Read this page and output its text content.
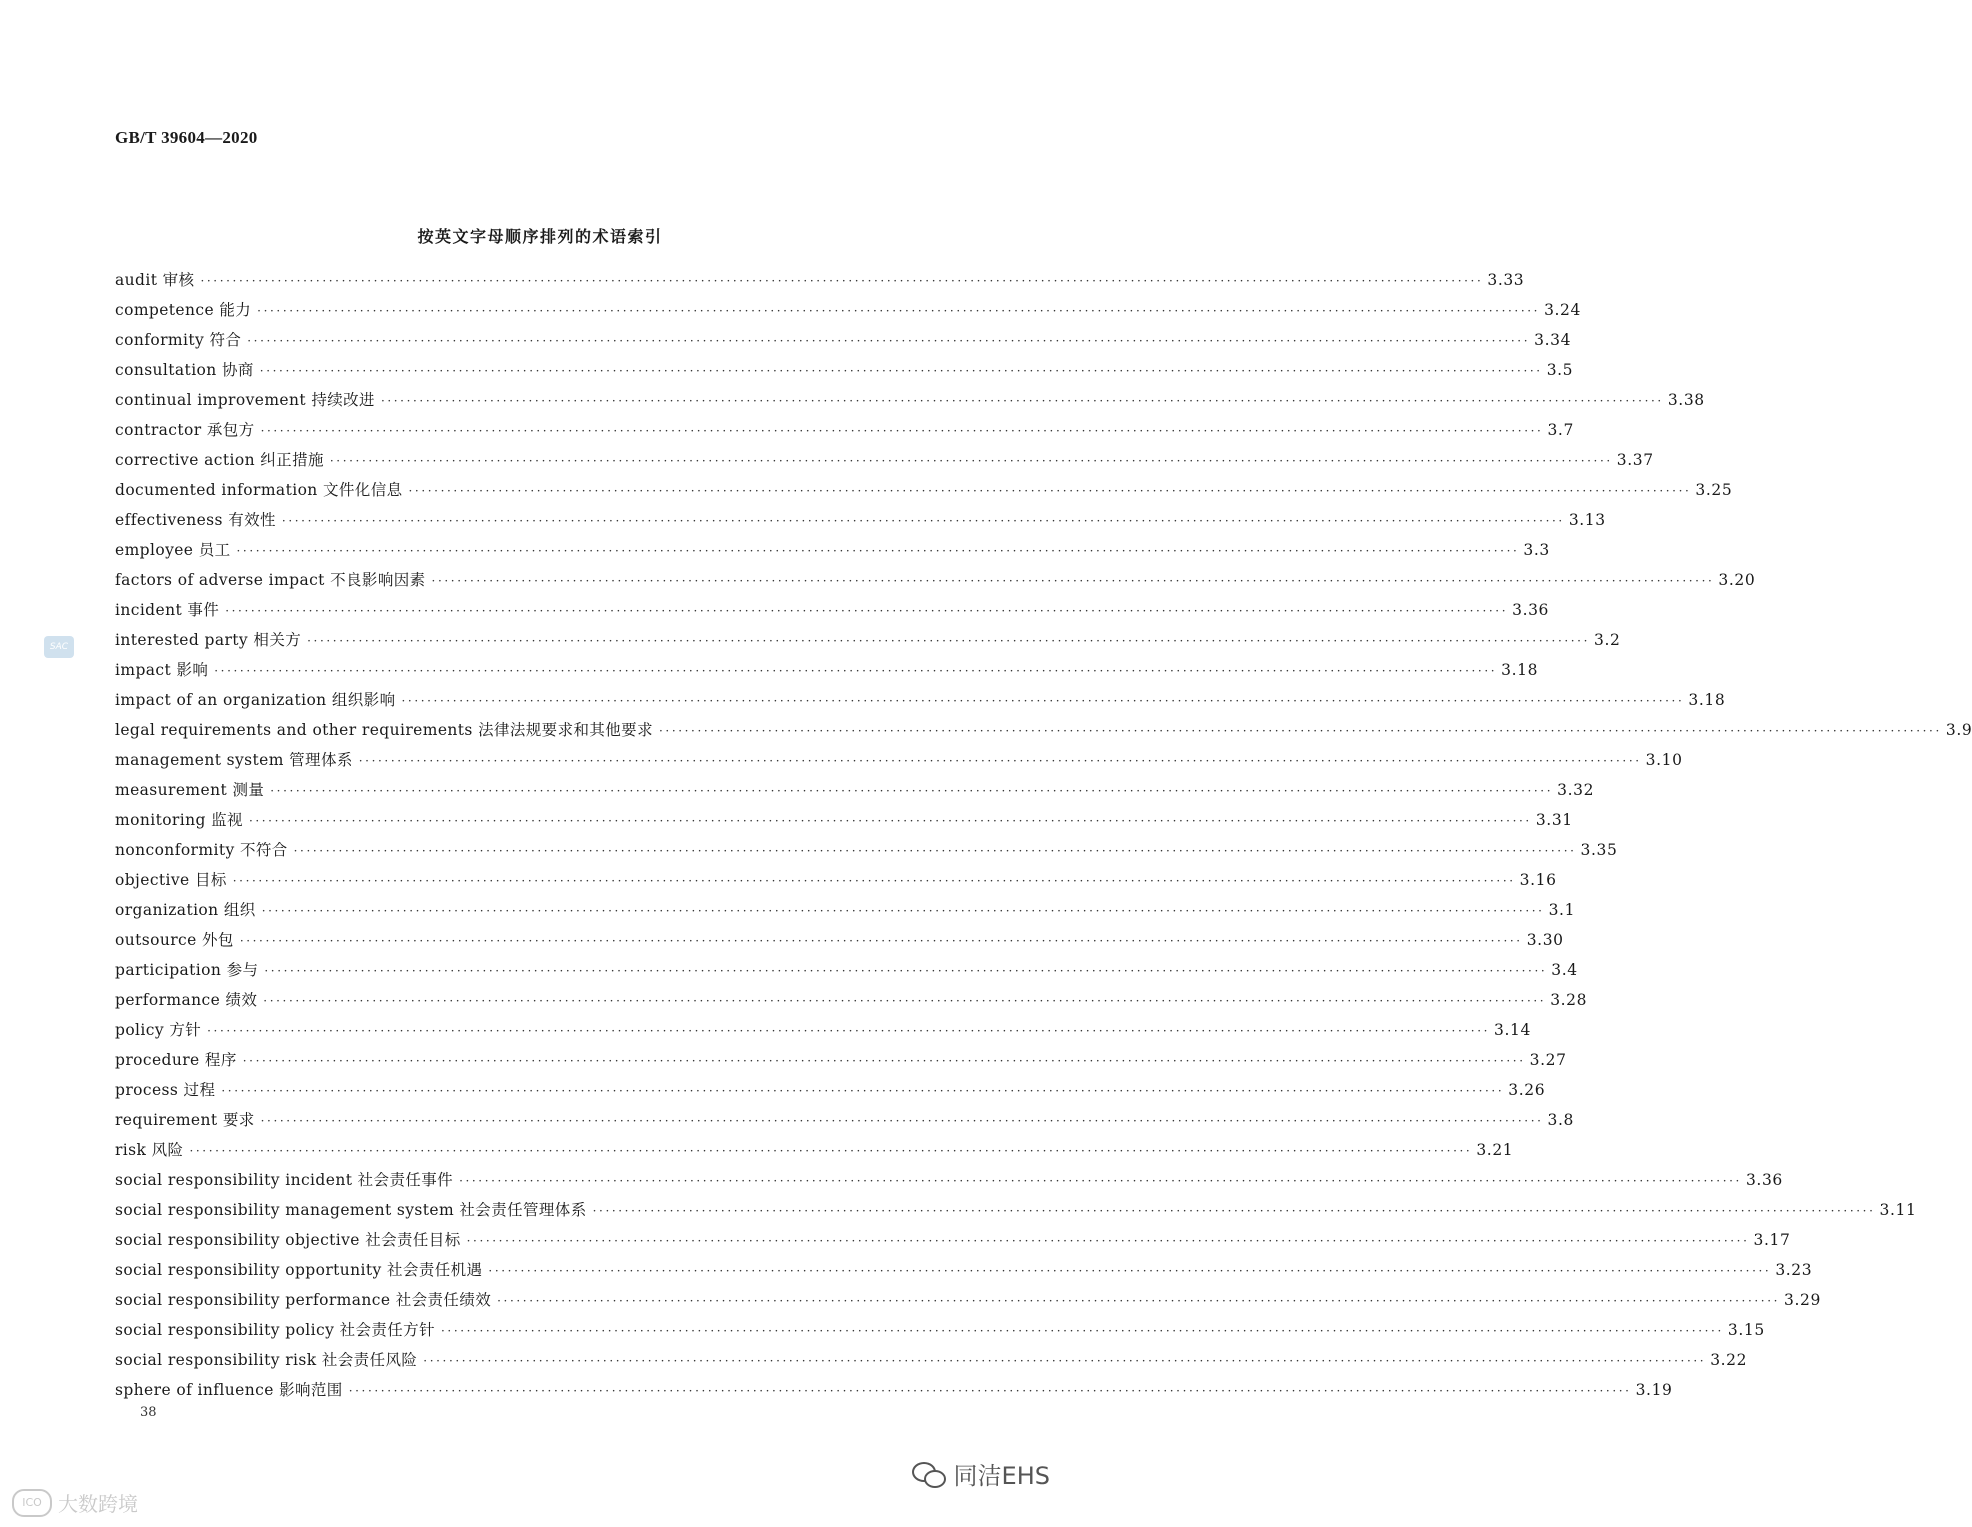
GB/T 39604—2020
按英文字母顺序排列的术语索引
audit 审核 ········································································································································································································ 3.33
competence 能力 ········································································································································································································ 3.24
conformity 符合 ········································································································································································································ 3.34
consultation 协商 ········································································································································································································ 3.5
continual improvement 持续改进 ········································································································································································································ 3.38
contractor 承包方 ········································································································································································································ 3.7
corrective action 纠正措施 ········································································································································································································ 3.37
documented information 文件化信息 ········································································································································································································ 3.25
effectiveness 有效性 ········································································································································································································ 3.13
employee 员工 ········································································································································································································ 3.3
factors of adverse impact 不良影响因素 ········································································································································································································ 3.20
incident 事件 ········································································································································································································ 3.36
interested party 相关方 ········································································································································································································ 3.2
impact 影响 ········································································································································································································ 3.18
impact of an organization 组织影响 ········································································································································································································ 3.18
legal requirements and other requirements 法律法规要求和其他要求 ········································································································································································································ 3.9
management system 管理体系 ········································································································································································································ 3.10
measurement 测量 ········································································································································································································ 3.32
monitoring 监视 ········································································································································································································ 3.31
nonconformity 不符合 ········································································································································································································ 3.35
objective 目标 ········································································································································································································ 3.16
organization 组织 ········································································································································································································ 3.1
outsource 外包 ········································································································································································································ 3.30
participation 参与 ········································································································································································································ 3.4
performance 绩效 ········································································································································································································ 3.28
policy 方针 ········································································································································································································ 3.14
procedure 程序 ········································································································································································································ 3.27
process 过程 ········································································································································································································ 3.26
requirement 要求 ········································································································································································································ 3.8
risk 风险 ········································································································································································································ 3.21
social responsibility incident 社会责任事件 ········································································································································································································ 3.36
social responsibility management system 社会责任管理体系 ········································································································································································································ 3.11
social responsibility objective 社会责任目标 ········································································································································································································ 3.17
social responsibility opportunity 社会责任机遇 ········································································································································································································ 3.23
social responsibility performance 社会责任绩效 ········································································································································································································ 3.29
social responsibility policy 社会责任方针 ········································································································································································································ 3.15
social responsibility risk 社会责任风险 ········································································································································································································ 3.22
sphere of influence 影响范围 ········································································································································································································ 3.19
38
SAC
ICO 大数跨境
同洁EHS
